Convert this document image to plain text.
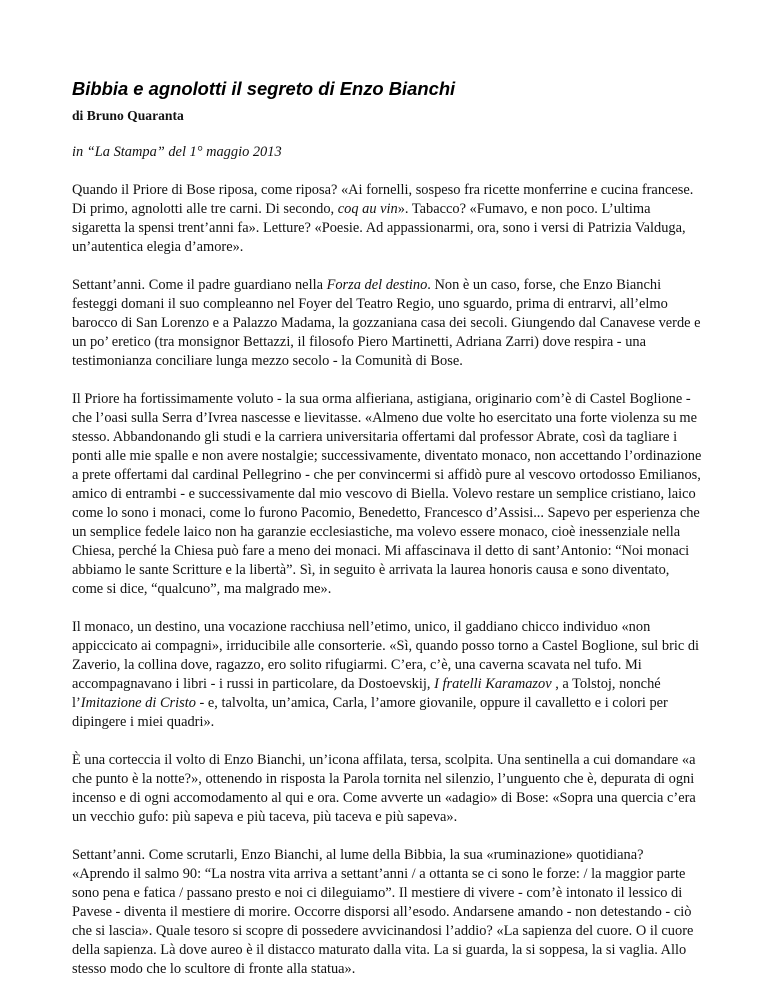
Bibbia e agnolotti il segreto di Enzo Bianchi
di Bruno Quaranta
in “La Stampa” del 1° maggio 2013

Quando il Priore di Bose riposa, come riposa? «Ai fornelli, sospeso fra ricette monferrine e cucina francese. Di primo, agnolotti alle tre carni. Di secondo, coq au vin». Tabacco? «Fumavo, e non poco. L’ultima sigaretta la spensi trent’anni fa». Letture? «Poesie. Ad appassionarmi, ora, sono i versi di Patrizia Valduga, un’autentica elegia d’amore».

Settant’anni. Come il padre guardiano nella Forza del destino. Non è un caso, forse, che Enzo Bianchi festeggi domani il suo compleanno nel Foyer del Teatro Regio, uno sguardo, prima di entrarvi, all’elmo barocco di San Lorenzo e a Palazzo Madama, la gozzaniana casa dei secoli. Giungendo dal Canavese verde e un po’ eretico (tra monsignor Bettazzi, il filosofo Piero Martinetti, Adriana Zarri) dove respira - una testimonianza conciliare lunga mezzo secolo - la Comunità di Bose.

Il Priore ha fortissimamente voluto - la sua orma alfieriana, astigiana, originario com’è di Castel Boglione - che l’oasi sulla Serra d’Ivrea nascesse e lievitasse. «Almeno due volte ho esercitato una forte violenza su me stesso. Abbandonando gli studi e la carriera universitaria offertami dal professor Abrate, così da tagliare i ponti alle mie spalle e non avere nostalgie; successivamente, diventato monaco, non accettando l’ordinazione a prete offertami dal cardinal Pellegrino - che per convincermi si affidò pure al vescovo ortodosso Emilianos, amico di entrambi - e successivamente dal mio vescovo di Biella. Volevo restare un semplice cristiano, laico come lo sono i monaci, come lo furono Pacomio, Benedetto, Francesco d’Assisi... Sapevo per esperienza che un semplice fedele laico non ha garanzie ecclesiastiche, ma volevo essere monaco, cioè inessenziale nella Chiesa, perché la Chiesa può fare a meno dei monaci. Mi affascinava il detto di sant’Antonio: “Noi monaci abbiamo le sante Scritture e la libertà”. Sì, in seguito è arrivata la laurea honoris causa e sono diventato, come si dice, “qualcuno”, ma malgrado me».

Il monaco, un destino, una vocazione racchiusa nell’etimo, unico, il gaddiano chicco individuo «non appiccicato ai compagni», irriducibile alle consorterie. «Sì, quando posso torno a Castel Boglione, sul bric di Zaverio, la collina dove, ragazzo, ero solito rifugiarmi. C’era, c’è, una caverna scavata nel tufo. Mi accompagnavano i libri - i russi in particolare, da Dostoevskij, I fratelli Karamazov , a Tolstoj, nonché l’Imitazione di Cristo - e, talvolta, un’amica, Carla, l’amore giovanile, oppure il cavalletto e i colori per dipingere i miei quadri».

È una corteccia il volto di Enzo Bianchi, un’icona affilata, tersa, scolpita. Una sentinella a cui domandare «a che punto è la notte?», ottenendo in risposta la Parola tornita nel silenzio, l’unguento che è, depurata di ogni incenso e di ogni accomodamento al qui e ora. Come avverte un «adagio» di Bose: «Sopra una quercia c’era un vecchio gufo: più sapeva e più taceva, più taceva e più sapeva».

Settant’anni. Come scrutarli, Enzo Bianchi, al lume della Bibbia, la sua «ruminazione» quotidiana? «Aprendo il salmo 90: “La nostra vita arriva a settant’anni / a ottanta se ci sono le forze: / la maggior parte sono pena e fatica / passano presto e noi ci dileguiamo”. Il mestiere di vivere - com’è intonato il lessico di Pavese - diventa il mestiere di morire. Occorre disporsi all’esodo. Andarsene amando - non detestando - ciò che si lascia». Quale tesoro si scopre di possedere avvicinandosi l’addio? «La sapienza del cuore. O il cuore della sapienza. Là dove aureo è il distacco maturato dalla vita. La si guarda, la si soppesa, la si vaglia. Allo stesso modo che lo scultore di fronte alla statua».
